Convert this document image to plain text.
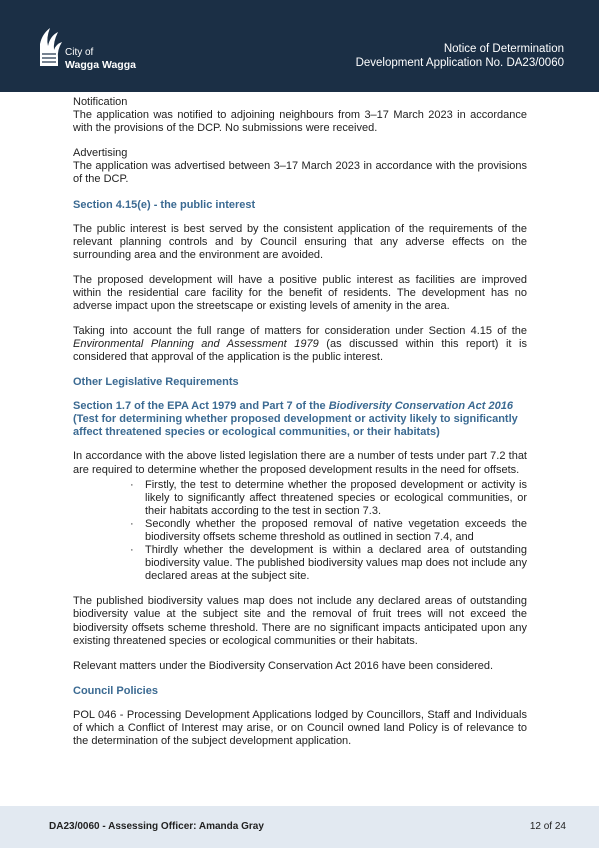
City of
Wagga Wagga
Notice of Determination
Development Application No. DA23/0060

Notification
The application was notified to adjoining neighbours from 3–17 March 2023 in accordance with the provisions of the DCP. No submissions were received.

Advertising
The application was advertised between 3–17 March 2023 in accordance with the provisions of the DCP.

Section 4.15(e) - the public interest

The public interest is best served by the consistent application of the requirements of the relevant planning controls and by Council ensuring that any adverse effects on the surrounding area and the environment are avoided.

The proposed development will have a positive public interest as facilities are improved within the residential care facility for the benefit of residents. The development has no adverse impact upon the streetscape or existing levels of amenity in the area.

Taking into account the full range of matters for consideration under Section 4.15 of the Environmental Planning and Assessment 1979 (as discussed within this report) it is considered that approval of the application is the public interest.

Other Legislative Requirements
Section 1.7 of the EPA Act 1979 and Part 7 of the Biodiversity Conservation Act 2016 (Test for determining whether proposed development or activity likely to significantly affect threatened species or ecological communities, or their habitats)

In accordance with the above listed legislation there are a number of tests under part 7.2 that are required to determine whether the proposed development results in the need for offsets.

· Firstly, the test to determine whether the proposed development or activity is likely to significantly affect threatened species or ecological communities, or their habitats according to the test in section 7.3.
· Secondly whether the proposed removal of native vegetation exceeds the biodiversity offsets scheme threshold as outlined in section 7.4, and
· Thirdly whether the development is within a declared area of outstanding biodiversity value. The published biodiversity values map does not include any declared areas at the subject site.

The published biodiversity values map does not include any declared areas of outstanding biodiversity value at the subject site and the removal of fruit trees will not exceed the biodiversity offsets scheme threshold. There are no significant impacts anticipated upon any existing threatened species or ecological communities or their habitats.

Relevant matters under the Biodiversity Conservation Act 2016 have been considered.

Council Policies

POL 046 - Processing Development Applications lodged by Councillors, Staff and Individuals of which a Conflict of Interest may arise, or on Council owned land Policy is of relevance to the determination of the subject development application.

DA23/0060 - Assessing Officer: Amanda Gray	12 of 24
